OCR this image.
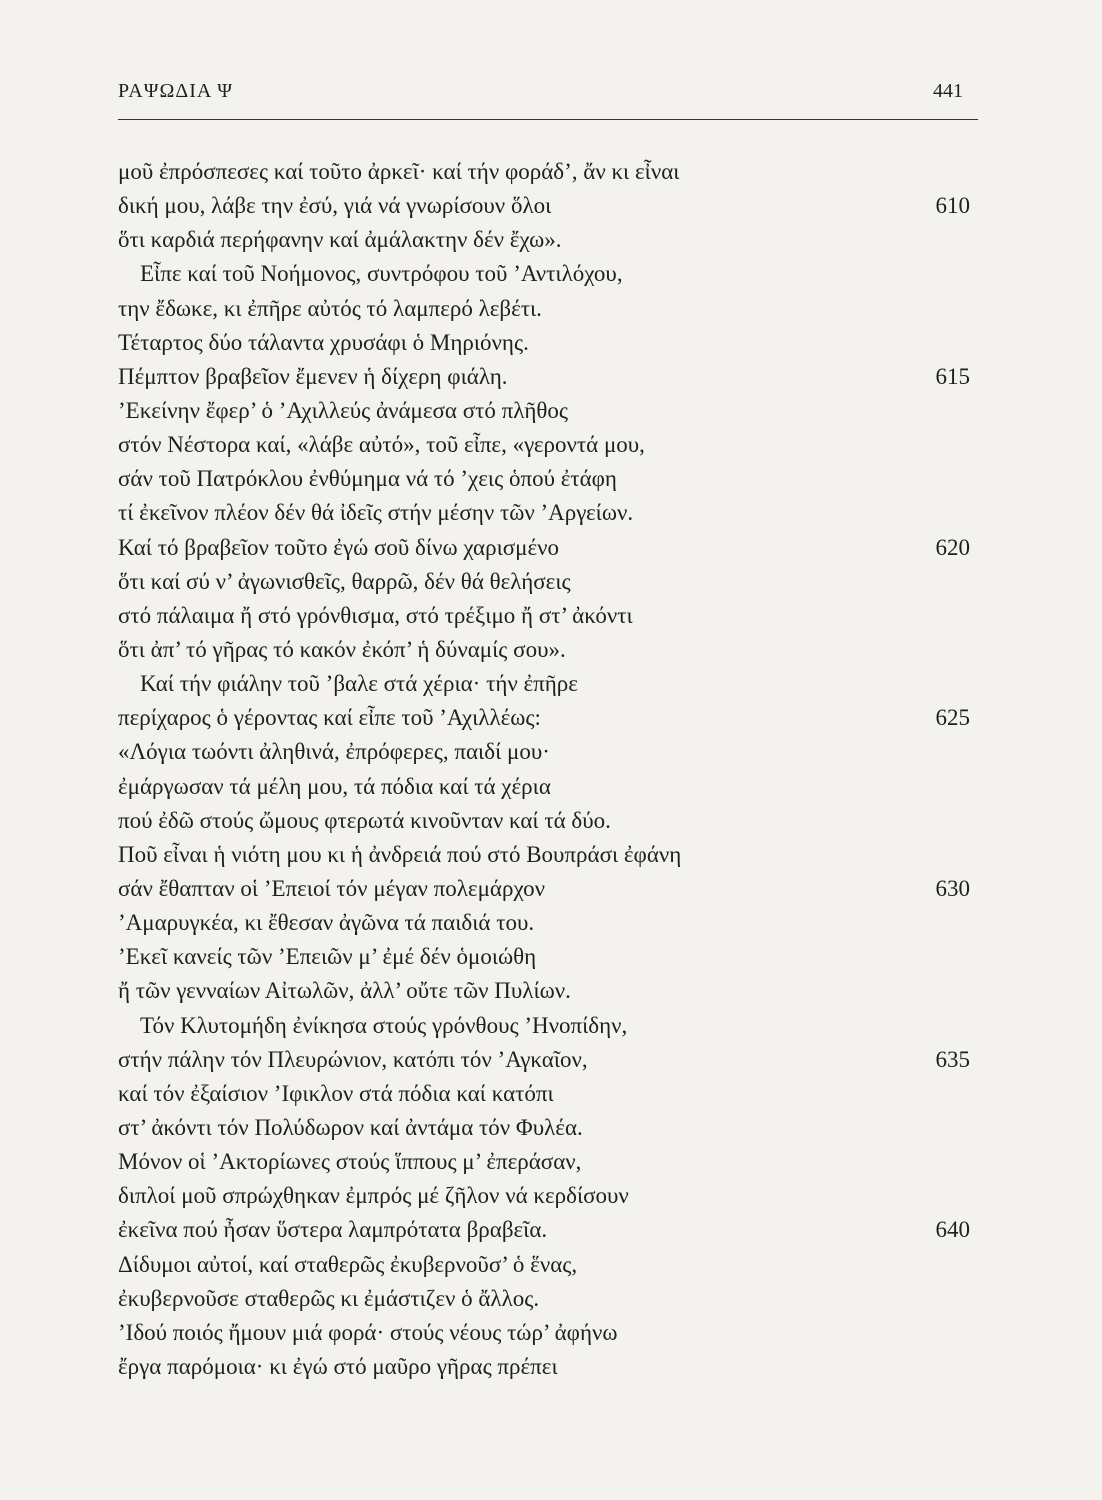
ΡΑΨΩΔΙΑ Ψ	441
μοῦ ἐπρόσπεσες καί τοῦτο ἀρκεῖ· καί τήν φοράδ’, ἄν κι εἶναι
δική μου, λάβε την ἐσύ, γιά νά γνωρίσουν ὅλοι	610
ὅτι καρδιά περήφανην καί ἀμάλακτην δέν ἔχω».
Εἶπε καί τοῦ Νοήμονος, συντρόφου τοῦ ’Αντιλόχου,
την ἔδωκε, κι ἐπῆρε αὐτός τό λαμπερό λεβέτι.
Τέταρτος δύο τάλαντα χρυσάφι ὁ Μηριόνης.
Πέμπτον βραβεῖον ἔμενεν ἡ δίχερη φιάλη.	615
’Εκείνην ἔφερ’ ὁ ’Αχιλλεύς ἀνάμεσα στό πλῆθος
στόν Νέστορα καί, «λάβε αὐτό», τοῦ εἶπε, «γεροντά μου,
σάν τοῦ Πατρόκλου ἐνθύμημα νά τό ’χεις ὁπού ἐτάφη
τί ἐκεῖνον πλέον δέν θά ἰδεῖς στήν μέσην τῶν ’Αργείων.
Καί τό βραβεῖον τοῦτο ἐγώ σοῦ δίνω χαρισμένο	620
ὅτι καί σύ ν’ ἀγωνισθεῖς, θαρρῶ, δέν θά θελήσεις
στό πάλαιμα ἤ στό γρόνθισμα, στό τρέξιμο ἤ στ’ ἀκόντι
ὅτι ἀπ’ τό γῆρας τό κακόν ἐκόπ’ ἡ δύναμίς σου».
Καί τήν φιάλην τοῦ ’βαλε στά χέρια· τήν ἐπῆρε
περίχαρος ὁ γέροντας καί εἶπε τοῦ ’Αχιλλέως:	625
«Λόγια τωόντι ἀληθινά, ἐπρόφερες, παιδί μου·
ἐμάργωσαν τά μέλη μου, τά πόδια καί τά χέρια
πού ἐδῶ στούς ὤμους φτερωτά κινοῦνταν καί τά δύο.
Ποῦ εἶναι ἡ νιότη μου κι ἡ ἀνδρειά πού στό Βουπράσι ἐφάνη
σάν ἔθαπταν οἱ ’Επειοί τόν μέγαν πολεμάρχον	630
’Αμαρυγκέα, κι ἔθεσαν ἀγῶνα τά παιδιά του.
’Εκεῖ κανείς τῶν ’Επειῶν μ’ ἐμέ δέν ὁμοιώθη
ἤ τῶν γενναίων Αἰτωλῶν, ἀλλ’ οὔτε τῶν Πυλίων.
Τόν Κλυτομήδη ἐνίκησα στούς γρόνθους ’Ηνοπίδην,
στήν πάλην τόν Πλευρώνιον, κατόπι τόν ’Αγκαῖον,	635
καί τόν ἐξαίσιον ’Ιφικλον στά πόδια καί κατόπι
στ’ ἀκόντι τόν Πολύδωρον καί ἀντάμα τόν Φυλέα.
Μόνον οἱ ’Ακτορίωνες στούς ἵππους μ’ ἐπεράσαν,
διπλοί μοῦ σπρώχθηκαν ἐμπρός μέ ζῆλον νά κερδίσουν
ἐκεῖνα πού ἦσαν ὕστερα λαμπρότατα βραβεῖα.	640
Δίδυμοι αὐτοί, καί σταθερῶς ἐκυβερνοῦσ’ ὁ ἕνας,
ἐκυβερνοῦσε σταθερῶς κι ἐμάστιζεν ὁ ἄλλος.
’Ιδού ποιός ἤμουν μιά φορά· στούς νέους τώρ’ ἀφήνω
ἔργα παρόμοια· κι ἐγώ στό μαῦρο γῆρας πρέπει
